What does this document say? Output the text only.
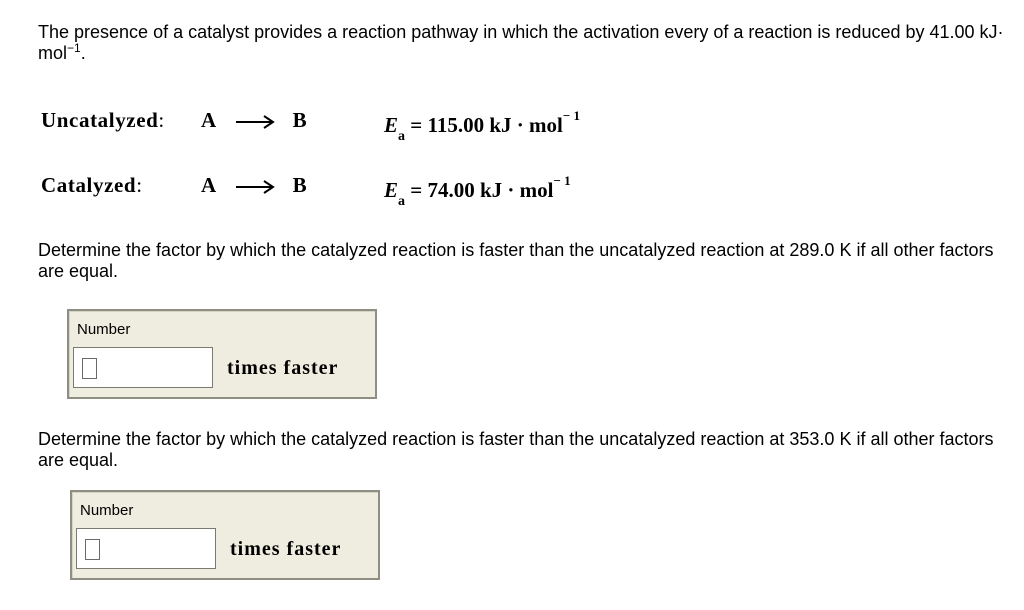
The presence of a catalyst provides a reaction pathway in which the activation every of a reaction is reduced by 41.00 kJ· mol$^{-1}$.

Uncatalyzed: A → B	$E_a = 115.00$ kJ · mol$^{- 1}$
Catalyzed:	A → B	$E_a = 74.00$ kJ · mol$^{- 1}$

Determine the factor by which the catalyzed reaction is faster than the uncatalyzed reaction at 289.0 K if all other factors are equal.

Number
times faster

Determine the factor by which the catalyzed reaction is faster than the uncatalyzed reaction at 353.0 K if all other factors are equal.

Number
times faster
